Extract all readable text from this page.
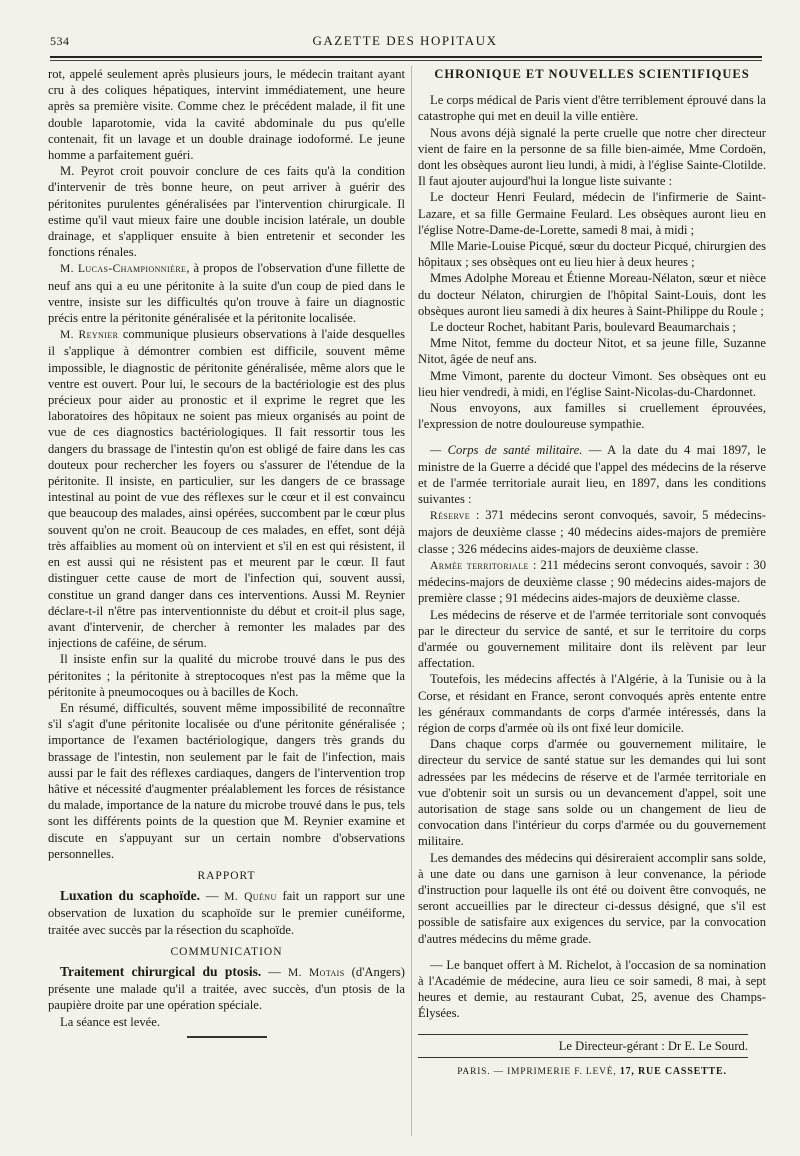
534	GAZETTE DES HOPITAUX

rot, appelé seulement après plusieurs jours, le médecin traitant ayant cru à des coliques hépatiques, intervint immédiatement, une heure après sa première visite. Comme chez le précédent malade, il fit une double laparotomie, vida la cavité abdominale du pus qu'elle contenait, fit un lavage et un double drainage iodoformé. Le jeune homme a parfaitement guéri.

M. Peyrot croit pouvoir conclure de ces faits qu'à la condition d'intervenir de très bonne heure, on peut arriver à guérir des péritonites purulentes généralisées par l'intervention chirurgicale. Il estime qu'il vaut mieux faire une double incision latérale, un double drainage, et s'appliquer ensuite à bien entretenir et seconder les fonctions rénales.

M. Lucas-Championnière, à propos de l'observation d'une fillette de neuf ans qui a eu une péritonite à la suite d'un coup de pied dans le ventre, insiste sur les difficultés qu'on trouve à faire un diagnostic précis entre la péritonite généralisée et la péritonite localisée.

M. Reynier communique plusieurs observations à l'aide desquelles il s'applique à démontrer combien est difficile, souvent même impossible, le diagnostic de péritonite généralisée, même alors que le ventre est ouvert. Pour lui, le secours de la bactériologie est des plus précieux pour aider au pronostic et il exprime le regret que les laboratoires des hôpitaux ne soient pas mieux organisés au point de vue de ces diagnostics bactériologiques. Il fait ressortir tous les dangers du brassage de l'intestin qu'on est obligé de faire dans les cas douteux pour rechercher les foyers ou s'assurer de l'étendue de la péritonite. Il insiste, en particulier, sur les dangers de ce brassage intestinal au point de vue des réflexes sur le cœur et il est convaincu que beaucoup des malades, ainsi opérées, succombent par le cœur plus souvent qu'on ne croit. Beaucoup de ces malades, en effet, sont déjà très affaiblies au moment où on intervient et s'il en est qui résistent, il en est aussi qui ne résistent pas et meurent par le cœur. Il faut distinguer cette cause de mort de l'infection qui, souvent aussi, constitue un grand danger dans ces interventions. Aussi M. Reynier déclare-t-il n'être pas interventionniste du début et croit-il plus sage, avant d'intervenir, de chercher à remonter les malades par des injections de caféine, de sérum.

Il insiste enfin sur la qualité du microbe trouvé dans le pus des péritonites ; la péritonite à streptocoques n'est pas la même que la péritonite à pneumocoques ou à bacilles de Koch.

En résumé, difficultés, souvent même impossibilité de reconnaître s'il s'agit d'une péritonite localisée ou d'une péritonite généralisée ; importance de l'examen bactériologique, dangers très grands du brassage de l'intestin, non seulement par le fait de l'infection, mais aussi par le fait des réflexes cardiaques, dangers de l'intervention trop hâtive et nécessité d'augmenter préalablement les forces de résistance du malade, importance de la nature du microbe trouvé dans le pus, tels sont les différents points de la question que M. Reynier examine et discute en s'appuyant sur un certain nombre d'observations personnelles.

RAPPORT

Luxation du scaphoïde. — M. Quénu fait un rapport sur une observation de luxation du scaphoïde sur le premier cunéiforme, traitée avec succès par la résection du scaphoïde.

COMMUNICATION

Traitement chirurgical du ptosis. — M. Motais (d'Angers) présente une malade qu'il a traitée, avec succès, d'un ptosis de la paupière droite par une opération spéciale.

La séance est levée.

CHRONIQUE ET NOUVELLES SCIENTIFIQUES

Le corps médical de Paris vient d'être terriblement éprouvé dans la catastrophe qui met en deuil la ville entière.

Nous avons déjà signalé la perte cruelle que notre cher directeur vient de faire en la personne de sa fille bien-aimée, Mme Cordoën, dont les obsèques auront lieu lundi, à midi, à l'église Sainte-Clotilde. Il faut ajouter aujourd'hui la longue liste suivante :

Le docteur Henri Feulard, médecin de l'infirmerie de Saint-Lazare, et sa fille Germaine Feulard. Les obsèques auront lieu en l'église Notre-Dame-de-Lorette, samedi 8 mai, à midi ;

Mlle Marie-Louise Picqué, sœur du docteur Picqué, chirurgien des hôpitaux ; ses obsèques ont eu lieu hier à deux heures ;

Mmes Adolphe Moreau et Étienne Moreau-Nélaton, sœur et nièce du docteur Nélaton, chirurgien de l'hôpital Saint-Louis, dont les obsèques auront lieu samedi à dix heures à Saint-Philippe du Roule ;

Le docteur Rochet, habitant Paris, boulevard Beaumarchais ;

Mme Nitot, femme du docteur Nitot, et sa jeune fille, Suzanne Nitot, âgée de neuf ans.

Mme Vimont, parente du docteur Vimont. Ses obsèques ont eu lieu hier vendredi, à midi, en l'église Saint-Nicolas-du-Chardonnet.

Nous envoyons, aux familles si cruellement éprouvées, l'expression de notre douloureuse sympathie.

— Corps de santé militaire. — A la date du 4 mai 1897, le ministre de la Guerre a décidé que l'appel des médecins de la réserve et de l'armée territoriale aurait lieu, en 1897, dans les conditions suivantes :

Réserve : 371 médecins seront convoqués, savoir, 5 médecins-majors de deuxième classe ; 40 médecins aides-majors de première classe ; 326 médecins aides-majors de deuxième classe.

Armée territoriale : 211 médecins seront convoqués, savoir : 30 médecins-majors de deuxième classe ; 90 médecins aides-majors de première classe ; 91 médecins aides-majors de deuxième classe.

Les médecins de réserve et de l'armée territoriale sont convoqués par le directeur du service de santé, et sur le territoire du corps d'armée ou gouvernement militaire dont ils relèvent par leur affectation.

Toutefois, les médecins affectés à l'Algérie, à la Tunisie ou à la Corse, et résidant en France, seront convoqués après entente entre les généraux commandants de corps d'armée intéressés, dans la région de corps d'armée où ils ont fixé leur domicile.

Dans chaque corps d'armée ou gouvernement militaire, le directeur du service de santé statue sur les demandes qui lui sont adressées par les médecins de réserve et de l'armée territoriale en vue d'obtenir soit un sursis ou un devancement d'appel, soit une autorisation de stage sans solde ou un changement de lieu de convocation dans l'intérieur du corps d'armée ou du gouvernement militaire.

Les demandes des médecins qui désireraient accomplir sans solde, à une date ou dans une garnison à leur convenance, la période d'instruction pour laquelle ils ont été ou doivent être convoqués, ne seront accueillies par le directeur ci-dessus désigné, que s'il est possible de satisfaire aux exigences du service, par la convocation d'autres médecins du même grade.

— Le banquet offert à M. Richelot, à l'occasion de sa nomination à l'Académie de médecine, aura lieu ce soir samedi, 8 mai, à sept heures et demie, au restaurant Cubat, 25, avenue des Champs-Élysées.

Le Directeur-gérant : Dr E. Le Sourd.
PARIS. — IMPRIMERIE F. LEVÉ, 17, RUE CASSETTE.
